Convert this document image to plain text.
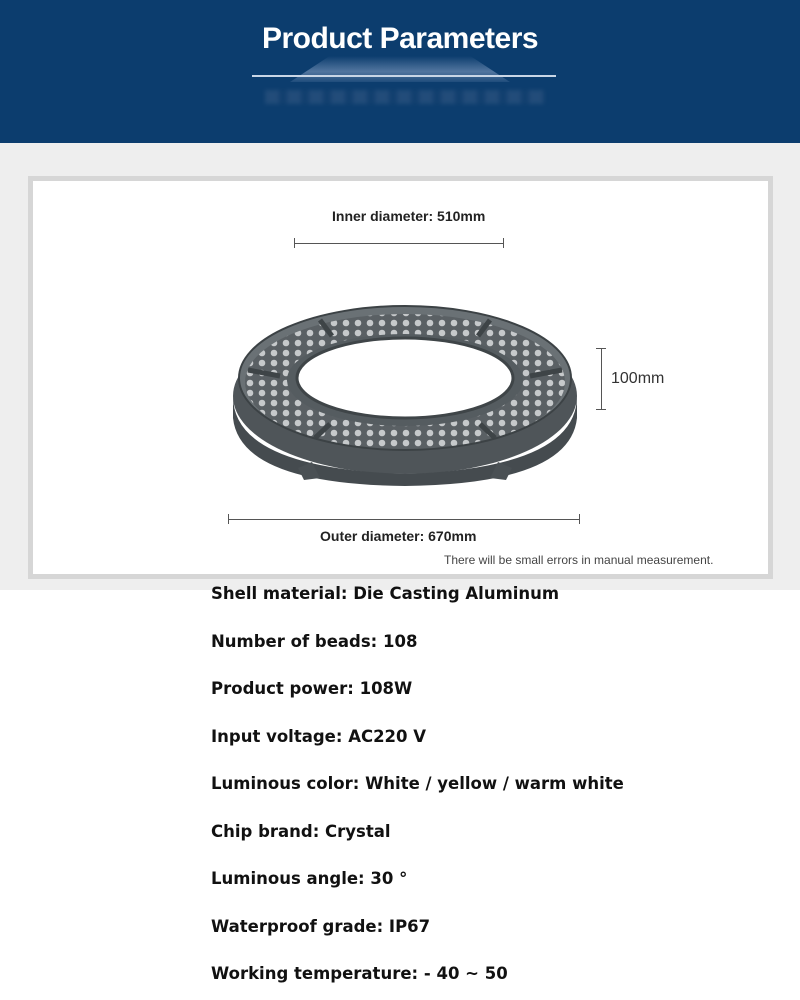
Product Parameters
Inner diameter: 510mm
100mm
Outer diameter: 670mm
There will be small errors in manual measurement.
Shell material: Die Casting Aluminum
Number of beads: 108
Product power: 108W
Input voltage: AC220 V
Luminous color: White / yellow / warm white
Chip brand: Crystal
Luminous angle: 30 °
Waterproof grade: IP67
Working temperature: - 40 ~ 50
